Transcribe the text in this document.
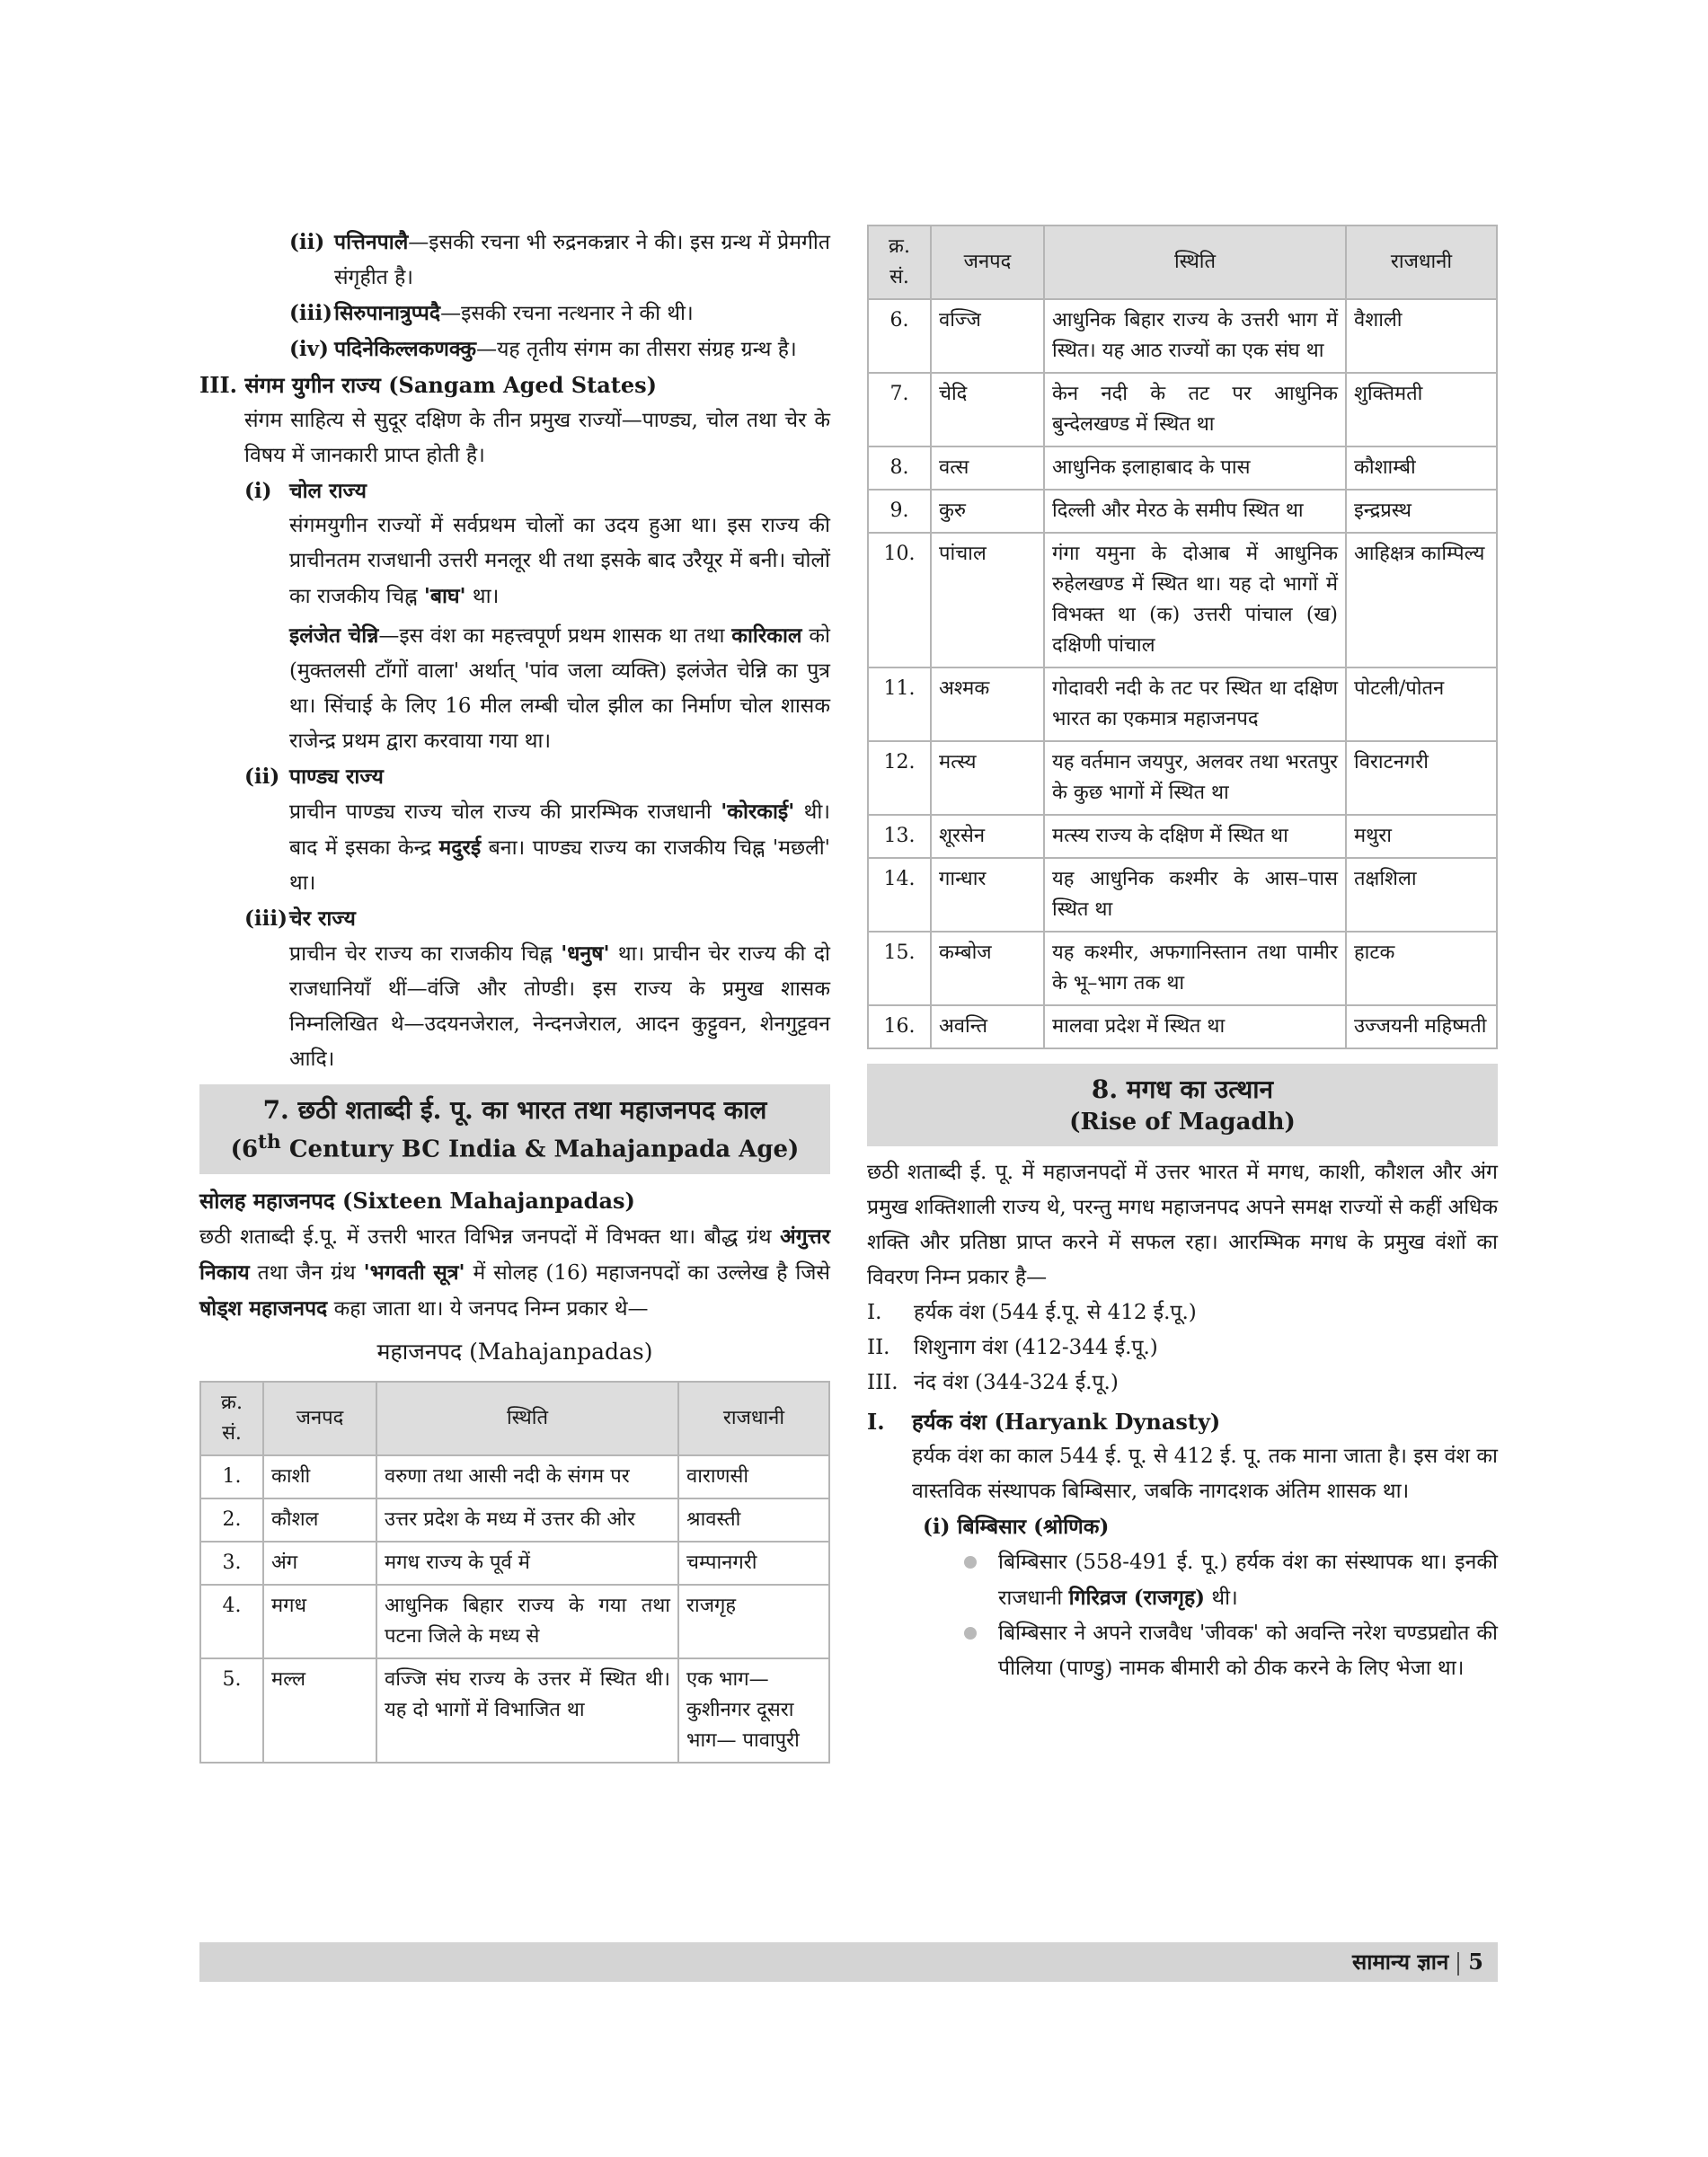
(ii) पत्तिनपालै—इसकी रचना भी रुद्रनकन्नार ने की। इस ग्रन्थ में प्रेमगीत संगृहीत है।
(iii) सिरुपानात्रुप्पदै—इसकी रचना नत्थनार ने की थी।
(iv) पदिनेकिल्लकणक्कु—यह तृतीय संगम का तीसरा संग्रह ग्रन्थ है।

III. संगम युगीन राज्य (Sangam Aged States)

संगम साहित्य से सुदूर दक्षिण के तीन प्रमुख राज्यों—पाण्ड्य, चोल तथा चेर के विषय में जानकारी प्राप्त होती है।

(i) चोल राज्य

संगमयुगीन राज्यों में सर्वप्रथम चोलों का उदय हुआ था। इस राज्य की प्राचीनतम राजधानी उत्तरी मनलूर थी तथा इसके बाद उरैयूर में बनी। चोलों का राजकीय चिह्न 'बाघ' था।

इलंजेत चेन्नि—इस वंश का महत्त्वपूर्ण प्रथम शासक था तथा कारिकाल को (मुक्तलसी टाँगों वाला' अर्थात् 'पांव जला व्यक्ति) इलंजेत चेन्नि का पुत्र था। सिंचाई के लिए 16 मील लम्बी चोल झील का निर्माण चोल शासक राजेन्द्र प्रथम द्वारा करवाया गया था।

(ii) पाण्ड्य राज्य

प्राचीन पाण्ड्य राज्य चोल राज्य की प्रारम्भिक राजधानी 'कोरकाई' थी। बाद में इसका केन्द्र मदुरई बना। पाण्ड्य राज्य का राजकीय चिह्न 'मछली' था।

(iii) चेर राज्य

प्राचीन चेर राज्य का राजकीय चिह्न 'धनुष' था। प्राचीन चेर राज्य की दो राजधानियाँ थीं—वंजि और तोण्डी। इस राज्य के प्रमुख शासक निम्नलिखित थे—उदयनजेराल, नेन्दनजेराल, आदन कुट्टुवन, शेनगुट्टवन आदि।

7. छठी शताब्दी ई. पू. का भारत तथा महाजनपद काल
(6th Century BC India & Mahajanpada Age)

सोलह महाजनपद (Sixteen Mahajanpadas)

छठी शताब्दी ई.पू. में उत्तरी भारत विभिन्न जनपदों में विभक्त था। बौद्ध ग्रंथ अंगुत्तर निकाय तथा जैन ग्रंथ 'भगवती सूत्र' में सोलह (16) महाजनपदों का उल्लेख है जिसे षोड्श महाजनपद कहा जाता था। ये जनपद निम्न प्रकार थे—

महाजनपद (Mahajanpadas)
क्र. सं.	जनपद	स्थिति	राजधानी
1.	काशी	वरुणा तथा आसी नदी के संगम पर	वाराणसी
2.	कौशल	उत्तर प्रदेश के मध्य में उत्तर की ओर	श्रावस्ती
3.	अंग	मगध राज्य के पूर्व में	चम्पानगरी
4.	मगध	आधुनिक बिहार राज्य के गया तथा पटना जिले के मध्य से	राजगृह
5.	मल्ल	वज्जि संघ राज्य के उत्तर में स्थित थी। यह दो भागों में विभाजित था	एक भाग— कुशीनगर दूसरा भाग— पावापुरी
क्र. सं.	जनपद	स्थिति	राजधानी
6.	वज्जि	आधुनिक बिहार राज्य के उत्तरी भाग में स्थित। यह आठ राज्यों का एक संघ था	वैशाली
7.	चेदि	केन नदी के तट पर आधुनिक बुन्देलखण्ड में स्थित था	शुक्तिमती
8.	वत्स	आधुनिक इलाहाबाद के पास	कौशाम्बी
9.	कुरु	दिल्ली और मेरठ के समीप स्थित था	इन्द्रप्रस्थ
10.	पांचाल	गंगा यमुना के दोआब में आधुनिक रुहेलखण्ड में स्थित था। यह दो भागों में विभक्त था (क) उत्तरी पांचाल (ख) दक्षिणी पांचाल	आहिक्षत्र काम्पिल्य
11.	अश्मक	गोदावरी नदी के तट पर स्थित था दक्षिण भारत का एकमात्र महाजनपद	पोटली/पोतन
12.	मत्स्य	यह वर्तमान जयपुर, अलवर तथा भरतपुर के कुछ भागों में स्थित था	विराटनगरी
13.	शूरसेन	मत्स्य राज्य के दक्षिण में स्थित था	मथुरा
14.	गान्धार	यह आधुनिक कश्मीर के आस–पास स्थित था	तक्षशिला
15.	कम्बोज	यह कश्मीर, अफगानिस्तान तथा पामीर के भू–भाग तक था	हाटक
16.	अवन्ति	मालवा प्रदेश में स्थित था	उज्जयनी महिष्मती
8. मगध का उत्थान
(Rise of Magadh)

छठी शताब्दी ई. पू. में महाजनपदों में उत्तर भारत में मगध, काशी, कौशल और अंग प्रमुख शक्तिशाली राज्य थे, परन्तु मगध महाजनपद अपने समक्ष राज्यों से कहीं अधिक शक्ति और प्रतिष्ठा प्राप्त करने में सफल रहा। आरम्भिक मगध के प्रमुख वंशों का विवरण निम्न प्रकार है—

I.	हर्यक वंश (544 ई.पू. से 412 ई.पू.)
II.	शिशुनाग वंश (412-344 ई.पू.)
III. नंद वंश (344-324 ई.पू.)
I.	हर्यक वंश (Haryank Dynasty)

हर्यक वंश का काल 544 ई. पू. से 412 ई. पू. तक माना जाता है। इस वंश का वास्तविक संस्थापक बिम्बिसार, जबकि नागदशक अंतिम शासक था।

(i) बिम्बिसार (श्रोणिक)

बिम्बिसार (558-491 ई. पू.) हर्यक वंश का संस्थापक था। इनकी राजधानी गिरिव्रज (राजगृह) थी।
बिम्बिसार ने अपने राजवैध 'जीवक' को अवन्ति नरेश चण्डप्रद्योत की पीलिया (पाण्डु) नामक बीमारी को ठीक करने के लिए भेजा था।
सामान्य ज्ञान 5
